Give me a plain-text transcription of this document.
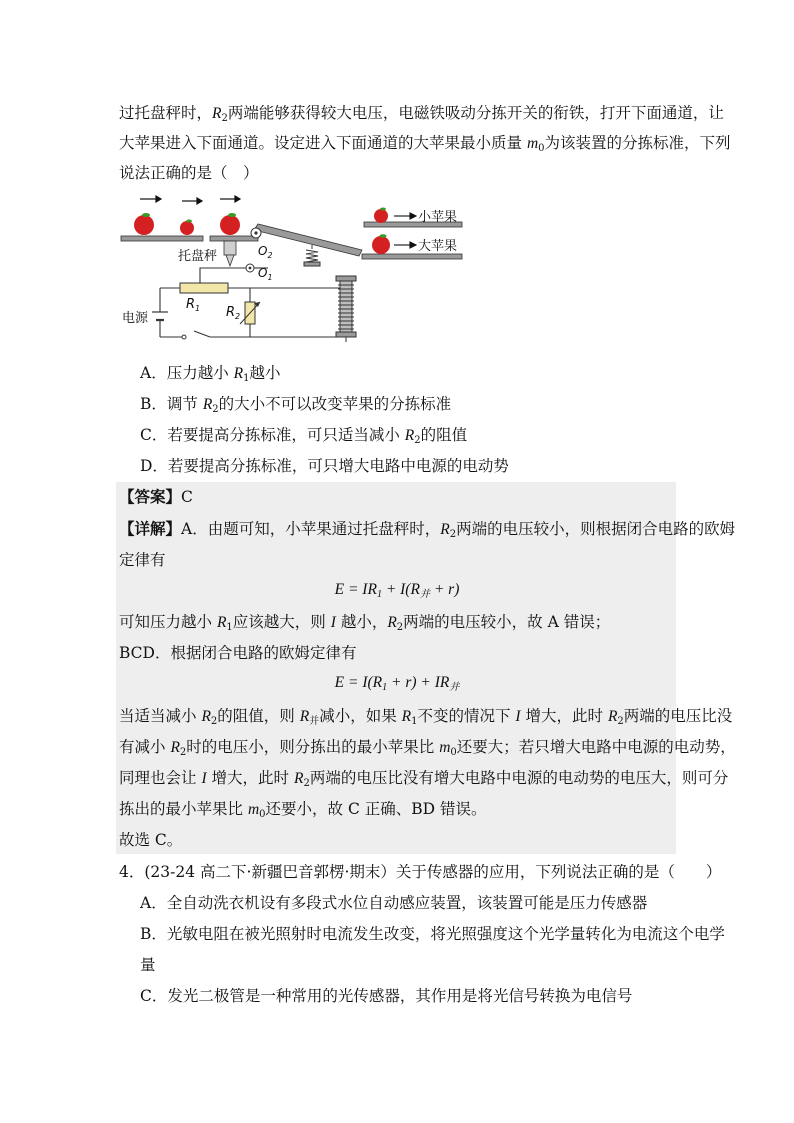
过托盘秤时，$R_2$两端能够获得较大电压，电磁铁吸动分拣开关的衔铁，打开下面通道，让
大苹果进入下面通道。设定进入下面通道的大苹果最小质量 $m_0$为该装置的分拣标准，下列
说法正确的是（　）
小苹果
大苹果
托盘秤	$O_2$
$O_1$
电源
$R_1$ $R_2$
A．压力越小 $R_1$越小
B．调节 $R_2$的大小不可以改变苹果的分拣标准
C．若要提高分拣标准，可只适当减小 $R_2$的阻值
D．若要提高分拣标准，可只增大电路中电源的电动势
【答案】C
【详解】A．由题可知，小苹果通过托盘秤时，$R_2$两端的电压较小，则根据闭合电路的欧姆
定律有
$E = IR_1 + I(R_并 + r)$
可知压力越小 $R_1$应该越大，则 I 越小，$R_2$两端的电压较小，故 A 错误；
BCD．根据闭合电路的欧姆定律有
$E = I(R_1 + r) + IR_并$
当适当减小 $R_2$的阻值，则 $R_并$减小，如果 $R_1$不变的情况下 I 增大，此时 $R_2$两端的电压比没
有减小 $R_2$时的电压小，则分拣出的最小苹果比 $m_0$还要大；若只增大电路中电源的电动势，
同理也会让 I 增大，此时 $R_2$两端的电压比没有增大电路中电源的电动势的电压大，则可分
拣出的最小苹果比 $m_0$还要小，故 C 正确、BD 错误。
故选 C。
4．(23-24 高二下·新疆巴音郭楞·期末）关于传感器的应用，下列说法正确的是（　　）
A．全自动洗衣机设有多段式水位自动感应装置，该装置可能是压力传感器
B．光敏电阻在被光照射时电流发生改变，将光照强度这个光学量转化为电流这个电学
量
C．发光二极管是一种常用的光传感器，其作用是将光信号转换为电信号
